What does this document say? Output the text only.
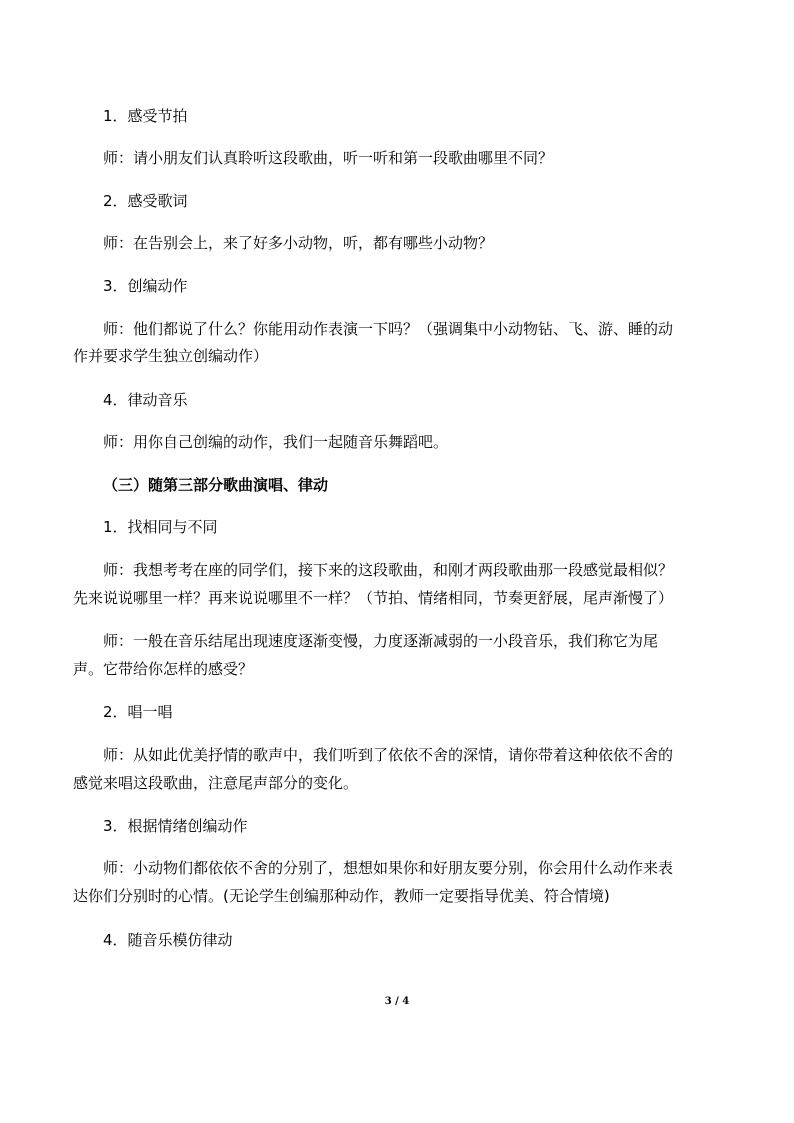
1．感受节拍
师：请小朋友们认真聆听这段歌曲，听一听和第一段歌曲哪里不同？
2．感受歌词
师：在告别会上，来了好多小动物，听，都有哪些小动物？
3．创编动作
师：他们都说了什么？你能用动作表演一下吗？（强调集中小动物钻、飞、游、睡的动
作并要求学生独立创编动作）
4．律动音乐
师：用你自己创编的动作，我们一起随音乐舞蹈吧。
（三）随第三部分歌曲演唱、律动
1．找相同与不同
师：我想考考在座的同学们，接下来的这段歌曲，和刚才两段歌曲那一段感觉最相似？
先来说说哪里一样？再来说说哪里不一样？（节拍、情绪相同，节奏更舒展，尾声渐慢了）
师：一般在音乐结尾出现速度逐渐变慢，力度逐渐减弱的一小段音乐，我们称它为尾
声。它带给你怎样的感受？
2．唱一唱
师：从如此优美抒情的歌声中，我们听到了依依不舍的深情，请你带着这种依依不舍的
感觉来唱这段歌曲，注意尾声部分的变化。
3．根据情绪创编动作
师：小动物们都依依不舍的分别了，想想如果你和好朋友要分别，你会用什么动作来表
达你们分别时的心情。(无论学生创编那种动作，教师一定要指导优美、符合情境)
4．随音乐模仿律动
3 / 4
